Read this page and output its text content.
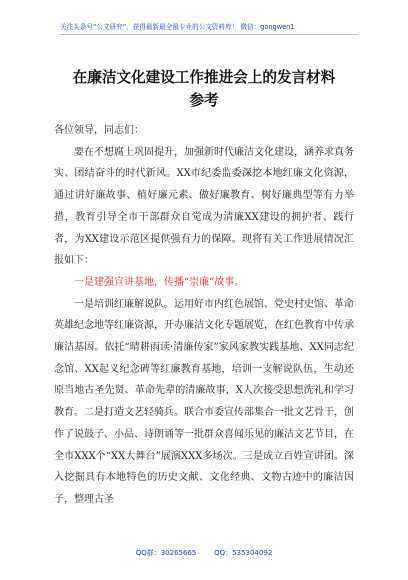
关注头条号“公文研究”，获得最新最全最专业的公文资料库！ 微信：gongwen1
在廉洁文化建设工作推进会上的发言材料
参考

各位领导，同志们：

要在不想腐上巩固提升，加强新时代廉洁文化建设，涵养求真务实、团结奋斗的时代新风。XX市纪委监委深挖本地红廉文化资源，通过讲好廉故事、植好廉元素、做好廉教育、树好廉典型等有力举措，教育引导全市干部群众自觉成为清廉XX建设的拥护者、践行者，为XX建设示范区提供强有力的保障。现将有关工作进展情况汇报如下：

一是建强宣讲基地，传播“崇廉”故事。

一是培训红廉解说队。运用好市内红色展馆、党史村史馆、革命英雄纪念地等红廉资源，开办廉洁文化专题展览，在红色教育中传承廉洁基因。依托“晴耕雨读·清廉传家”家风家教实践基地、XX同志纪念馆、XX起义纪念碑等红廉教育基地，培训一支解说队伍，生动还原当地古圣先贤、革命先辈的清廉故事，X人次接受思想洗礼和学习教育。二是打造文艺轻骑兵。联合市委宣传部集合一批文艺骨干，创作了说鼓子、小品、诗朗诵等一批群众喜闻乐见的廉洁文艺节目，在全市XXX个“XX大舞台”展演XXX多场次。三是成立百姓宣讲团。深入挖掘具有本地特色的历史文献、文化经典、文物古迹中的廉洁因子，整理古圣

QQ群：30265665	QQ：535304092
